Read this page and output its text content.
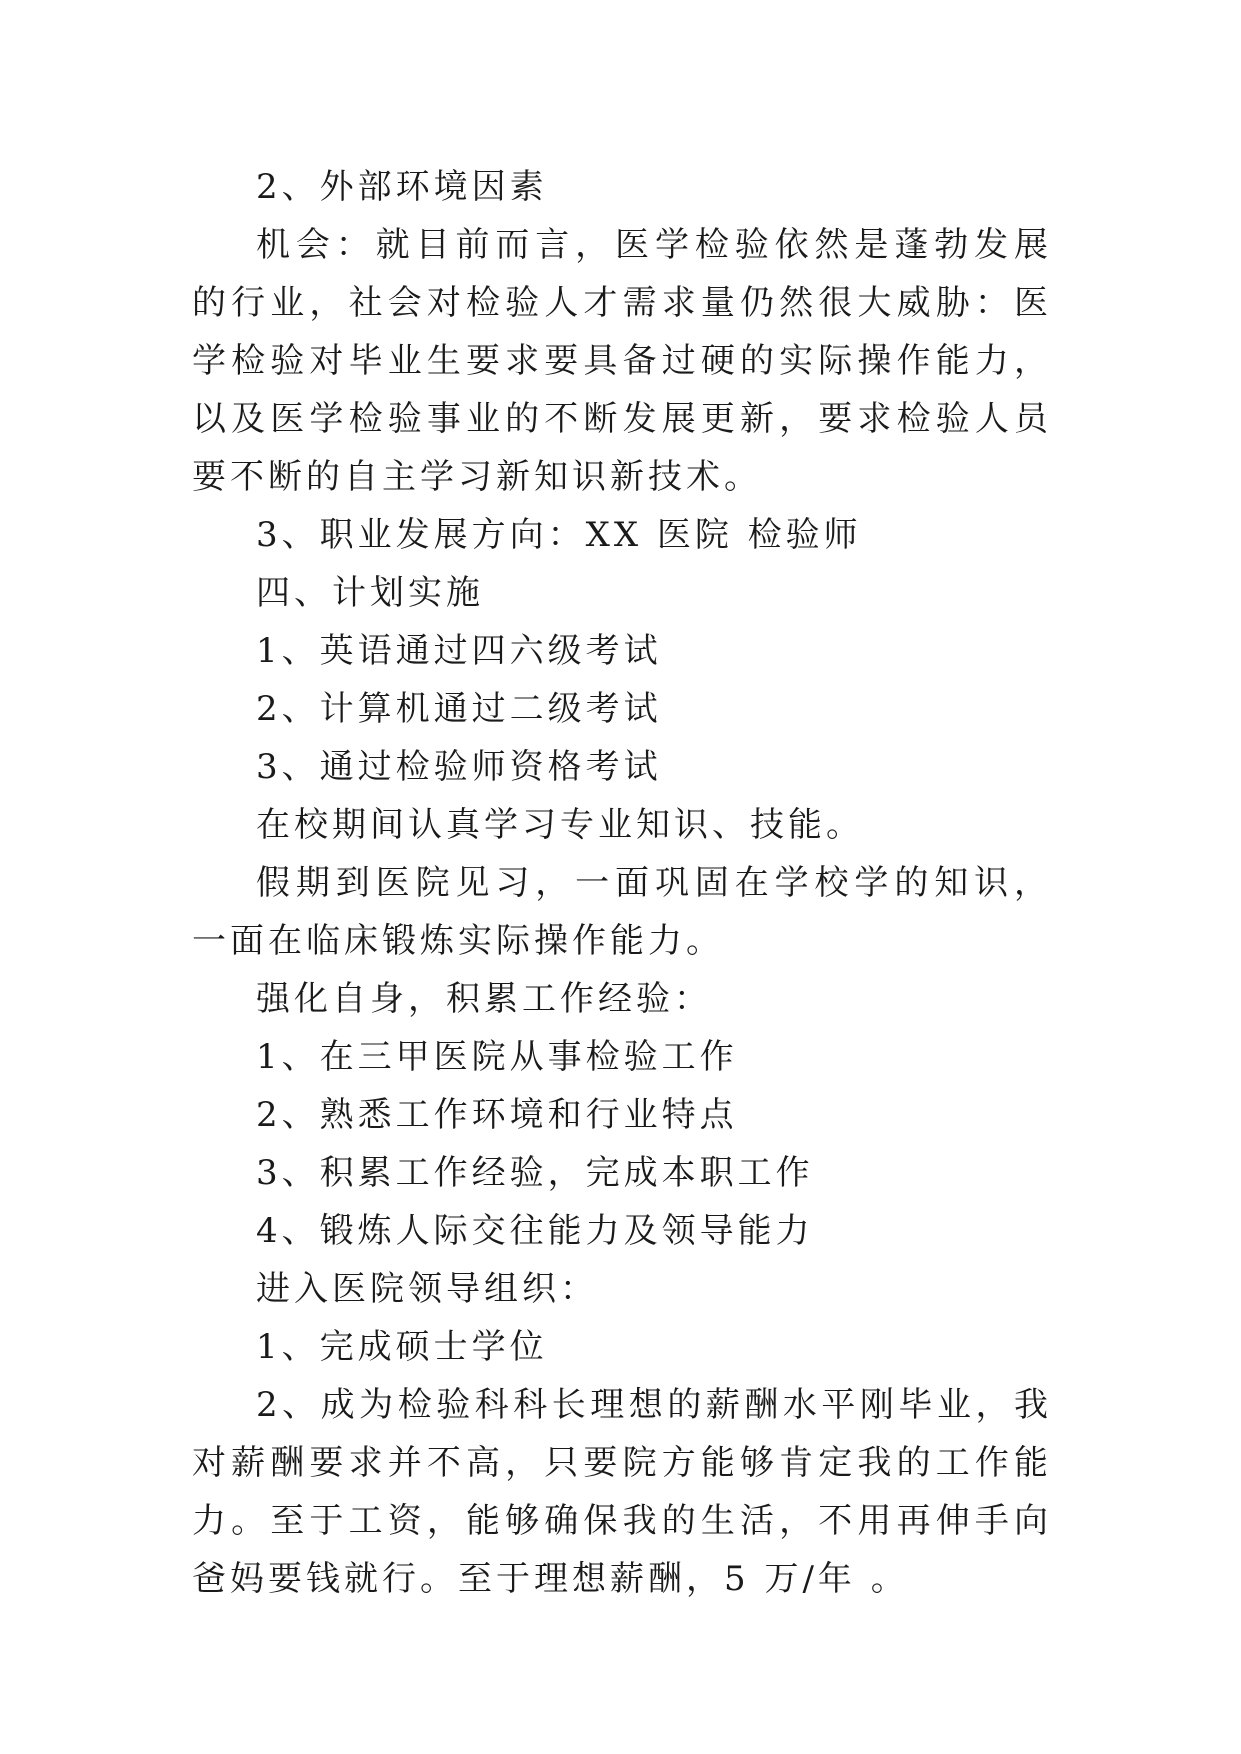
2、外部环境因素

机会：就目前而言，医学检验依然是蓬勃发展的行业，社会对检验人才需求量仍然很大威胁：医学检验对毕业生要求要具备过硬的实际操作能力，以及医学检验事业的不断发展更新，要求检验人员要不断的自主学习新知识新技术。

3、职业发展方向：XX 医院 检验师

四、计划实施

1、英语通过四六级考试

2、计算机通过二级考试

3、通过检验师资格考试

在校期间认真学习专业知识、技能。

假期到医院见习，一面巩固在学校学的知识，一面在临床锻炼实际操作能力。

强化自身，积累工作经验：

1、在三甲医院从事检验工作

2、熟悉工作环境和行业特点

3、积累工作经验，完成本职工作

4、锻炼人际交往能力及领导能力

进入医院领导组织：

1、完成硕士学位

2、成为检验科科长理想的薪酬水平刚毕业，我对薪酬要求并不高，只要院方能够肯定我的工作能力。至于工资，能够确保我的生活，不用再伸手向爸妈要钱就行。至于理想薪酬，5 万/年 。
